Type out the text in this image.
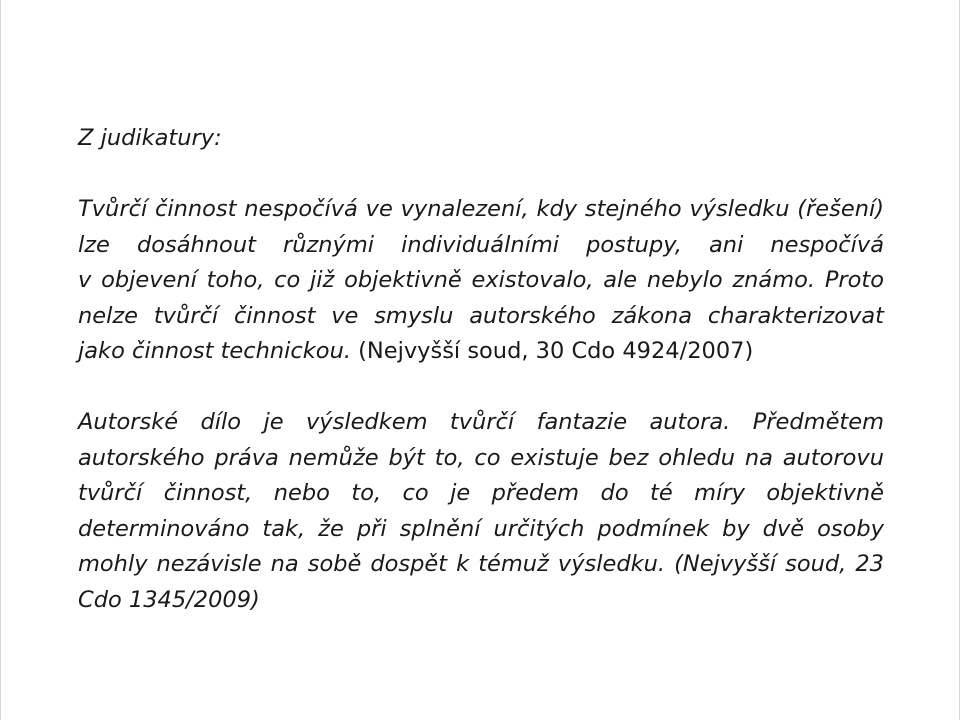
Z judikatury:
Tvůrčí činnost nespočívá ve vynalezení, kdy stejného výsledku (řešení)
lze dosáhnout různými individuálními postupy, ani nespočívá
v objevení toho, co již objektivně existovalo, ale nebylo známo. Proto
nelze tvůrčí činnost ve smyslu autorského zákona charakterizovat
jako činnost technickou. (Nejvyšší soud, 30 Cdo 4924/2007)
Autorské dílo je výsledkem tvůrčí fantazie autora. Předmětem
autorského práva nemůže být to, co existuje bez ohledu na autorovu
tvůrčí činnost, nebo to, co je předem do té míry objektivně
determinováno tak, že při splnění určitých podmínek by dvě osoby
mohly nezávisle na sobě dospět k témuž výsledku. (Nejvyšší soud, 23
Cdo 1345/2009)
